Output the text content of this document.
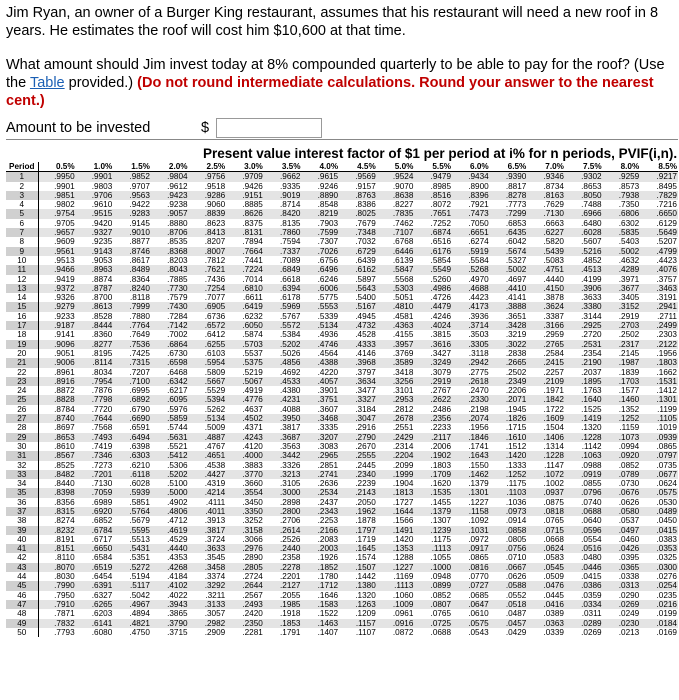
Jim Ryan, an owner of a Burger King restaurant, assumes that his restaurant will need a new roof in 8 years. He estimates the roof will cost him $10,600 at that time.

What amount should Jim invest today at 8% compounded quarterly to be able to pay for the roof? (Use the Table provided.) (Do not round intermediate calculations. Round your answer to the nearest cent.)

Amount to be invested	$
Present value interest factor of $1 per period at i% for n periods, PVIF(i,n).
Period	0.5%	1.0%	1.5%	2.0%	2.5%	3.0%	3.5%	4.0%	4.5%	5.0%	5.5%	6.0%	6.5%	7.0%	7.5%	8.0%	8.5%
1	.9950	.9901	.9852	.9804	.9756	.9709	.9662	.9615	.9569	.9524	.9479	.9434	.9390	.9346	.9302	.9259	.9217
2	.9901	.9803	.9707	.9612	.9518	.9426	.9335	.9246	.9157	.9070	.8985	.8900	.8817	.8734	.8653	.8573	.8495
3	.9851	.9706	.9563	.9423	.9286	.9151	.9019	.8890	.8763	.8638	.8516	.8396	.8278	.8163	.8050	.7938	.7829
4	.9802	.9610	.9422	.9238	.9060	.8885	.8714	.8548	.8386	.8227	.8072	.7921	.7773	.7629	.7488	.7350	.7216
5	.9754	.9515	.9283	.9057	.8839	.8626	.8420	.8219	.8025	.7835	.7651	.7473	.7299	.7130	.6966	.6806	.6650
6	.9705	.9420	.9145	.8880	.8623	.8375	.8135	.7903	.7679	.7462	.7252	.7050	.6853	.6663	.6480	.6302	.6129
7	.9657	.9327	.9010	.8706	.8413	.8131	.7860	.7599	.7348	.7107	.6874	.6651	.6435	.6227	.6028	.5835	.5649
8	.9609	.9235	.8877	.8535	.8207	.7894	.7594	.7307	.7032	.6768	.6516	.6274	.6042	.5820	.5607	.5403	.5207
9	.9561	.9143	.8746	.8368	.8007	.7664	.7337	.7026	.6729	.6446	.6176	.5919	.5674	.5439	.5216	.5002	.4799
10	.9513	.9053	.8617	.8203	.7812	.7441	.7089	.6756	.6439	.6139	.5854	.5584	.5327	.5083	.4852	.4632	.4423
11	.9466	.8963	.8489	.8043	.7621	.7224	.6849	.6496	.6162	.5847	.5549	.5268	.5002	.4751	.4513	.4289	.4076
12	.9419	.8874	.8364	.7885	.7436	.7014	.6618	.6246	.5897	.5568	.5260	.4970	.4697	.4440	.4199	.3971	.3757
13	.9372	.8787	.8240	.7730	.7254	.6810	.6394	.6006	.5643	.5303	.4986	.4688	.4410	.4150	.3906	.3677	.3463
14	.9326	.8700	.8118	.7579	.7077	.6611	.6178	.5775	.5400	.5051	.4726	.4423	.4141	.3878	.3633	.3405	.3191
15	.9279	.8613	.7999	.7430	.6905	.6419	.5969	.5553	.5167	.4810	.4479	.4173	.3888	.3624	.3380	.3152	.2941
16	.9233	.8528	.7880	.7284	.6736	.6232	.5767	.5339	.4945	.4581	.4246	.3936	.3651	.3387	.3144	.2919	.2711
17	.9187	.8444	.7764	.7142	.6572	.6050	.5572	.5134	.4732	.4363	.4024	.3714	.3428	.3166	.2925	.2703	.2499
18	.9141	.8360	.7649	.7002	.6412	.5874	.5384	.4936	.4528	.4155	.3815	.3503	.3219	.2959	.2720	.2502	.2303
19	.9096	.8277	.7536	.6864	.6255	.5703	.5202	.4746	.4333	.3957	.3616	.3305	.3022	.2765	.2531	.2317	.2122
20	.9051	.8195	.7425	.6730	.6103	.5537	.5026	.4564	.4146	.3769	.3427	.3118	.2838	.2584	.2354	.2145	.1956
21	.9006	.8114	.7315	.6598	.5954	.5375	.4856	.4388	.3968	.3589	.3249	.2942	.2665	.2415	.2190	.1987	.1803
22	.8961	.8034	.7207	.6468	.5809	.5219	.4692	.4220	.3797	.3418	.3079	.2775	.2502	.2257	.2037	.1839	.1662
23	.8916	.7954	.7100	.6342	.5667	.5067	.4533	.4057	.3634	.3256	.2919	.2618	.2349	.2109	.1895	.1703	.1531
24	.8872	.7876	.6995	.6217	.5529	.4919	.4380	.3901	.3477	.3101	.2767	.2470	.2206	.1971	.1763	.1577	.1412
25	.8828	.7798	.6892	.6095	.5394	.4776	.4231	.3751	.3327	.2953	.2622	.2330	.2071	.1842	.1640	.1460	.1301
26	.8784	.7720	.6790	.5976	.5262	.4637	.4088	.3607	.3184	.2812	.2486	.2198	.1945	.1722	.1525	.1352	.1199
27	.8740	.7644	.6690	.5859	.5134	.4502	.3950	.3468	.3047	.2678	.2356	.2074	.1826	.1609	.1419	.1252	.1105
28	.8697	.7568	.6591	.5744	.5009	.4371	.3817	.3335	.2916	.2551	.2233	.1956	.1715	.1504	.1320	.1159	.1019
29	.8653	.7493	.6494	.5631	.4887	.4243	.3687	.3207	.2790	.2429	.2117	.1846	.1610	.1406	.1228	.1073	.0939
30	.8610	.7419	.6398	.5521	.4767	.4120	.3563	.3083	.2670	.2314	.2006	.1741	.1512	.1314	.1142	.0994	.0865
31	.8567	.7346	.6303	.5412	.4651	.4000	.3442	.2965	.2555	.2204	.1902	.1643	.1420	.1228	.1063	.0920	.0797
32	.8525	.7273	.6210	.5306	.4538	.3883	.3326	.2851	.2445	.2099	.1803	.1550	.1333	.1147	.0988	.0852	.0735
33	.8482	.7201	.6118	.5202	.4427	.3770	.3213	.2741	.2340	.1999	.1709	.1462	.1252	.1072	.0919	.0789	.0677
34	.8440	.7130	.6028	.5100	.4319	.3660	.3105	.2636	.2239	.1904	.1620	.1379	.1175	.1002	.0855	.0730	.0624
35	.8398	.7059	.5939	.5000	.4214	.3554	.3000	.2534	.2143	.1813	.1535	.1301	.1103	.0937	.0796	.0676	.0575
36	.8356	.6989	.5851	.4902	.4111	.3450	.2898	.2437	.2050	.1727	.1455	.1227	.1036	.0875	.0740	.0626	.0530
37	.8315	.6920	.5764	.4806	.4011	.3350	.2800	.2343	.1962	.1644	.1379	.1158	.0973	.0818	.0688	.0580	.0489
38	.8274	.6852	.5679	.4712	.3913	.3252	.2706	.2253	.1878	.1566	.1307	.1092	.0914	.0765	.0640	.0537	.0450
39	.8232	.6784	.5595	.4619	.3817	.3158	.2614	.2166	.1797	.1491	.1239	.1031	.0858	.0715	.0596	.0497	.0415
40	.8191	.6717	.5513	.4529	.3724	.3066	.2526	.2083	.1719	.1420	.1175	.0972	.0805	.0668	.0554	.0460	.0383
41	.8151	.6650	.5431	.4440	.3633	.2976	.2440	.2003	.1645	.1353	.1113	.0917	.0756	.0624	.0516	.0426	.0353
42	.8110	.6584	.5351	.4353	.3545	.2890	.2358	.1926	.1574	.1288	.1055	.0865	.0710	.0583	.0480	.0395	.0325
43	.8070	.6519	.5272	.4268	.3458	.2805	.2278	.1852	.1507	.1227	.1000	.0816	.0667	.0545	.0446	.0365	.0300
44	.8030	.6454	.5194	.4184	.3374	.2724	.2201	.1780	.1442	.1169	.0948	.0770	.0626	.0509	.0415	.0338	.0276
45	.7990	.6391	.5117	.4102	.3292	.2644	.2127	.1712	.1380	.1113	.0899	.0727	.0588	.0476	.0386	.0313	.0254
46	.7950	.6327	.5042	.4022	.3211	.2567	.2055	.1646	.1320	.1060	.0852	.0685	.0552	.0445	.0359	.0290	.0235
47	.7910	.6265	.4967	.3943	.3133	.2493	.1985	.1583	.1263	.1009	.0807	.0647	.0518	.0416	.0334	.0269	.0216
48	.7871	.6203	.4894	.3865	.3057	.2420	.1918	.1522	.1209	.0961	.0765	.0610	.0487	.0389	.0311	.0249	.0199
49	.7832	.6141	.4821	.3790	.2982	.2350	.1853	.1463	.1157	.0916	.0725	.0575	.0457	.0363	.0289	.0230	.0184
50	.7793	.6080	.4750	.3715	.2909	.2281	.1791	.1407	.1107	.0872	.0688	.0543	.0429	.0339	.0269	.0213	.0169
